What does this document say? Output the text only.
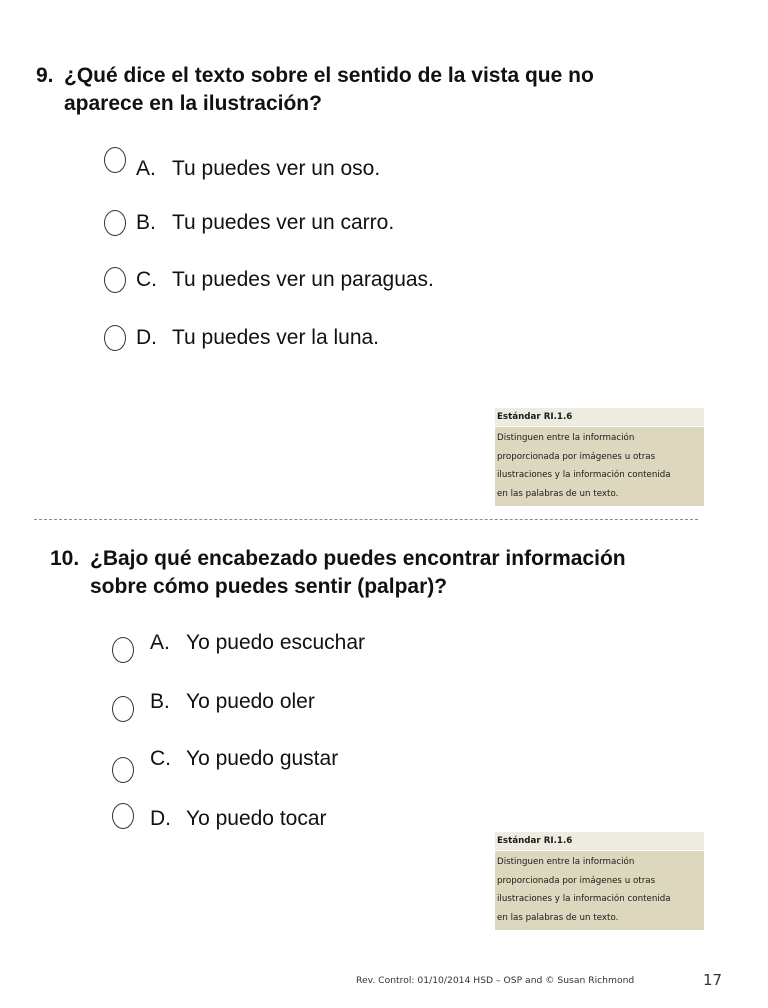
9. ¿Qué dice el texto sobre el sentido de la vista que no
aparece en la ilustración?
A. Tu puedes ver un oso.
B. Tu puedes ver un carro.
C. Tu puedes ver un paraguas.
D. Tu puedes ver la luna.
Estándar RI.1.6
Distinguen entre la información
proporcionada por imágenes u otras
ilustraciones y la información contenida
en las palabras de un texto.
10. ¿Bajo qué encabezado puedes encontrar información
sobre cómo puedes sentir (palpar)?
A. Yo puedo escuchar
B. Yo puedo oler
C. Yo puedo gustar
D. Yo puedo tocar
Estándar RI.1.6
Distinguen entre la información
proporcionada por imágenes u otras
ilustraciones y la información contenida
en las palabras de un texto.
Rev. Control: 01/10/2014 HSD – OSP and © Susan Richmond	17
